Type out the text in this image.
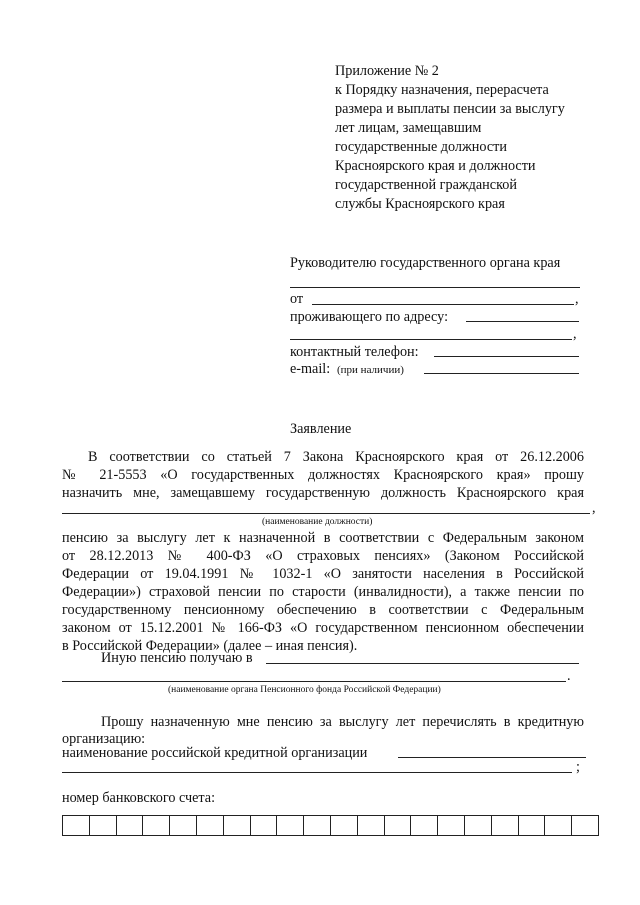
Приложение № 2
к Порядку назначения, перерасчета
размера и выплаты пенсии за выслугу
лет лицам, замещавшим
государственные должности
Красноярского края и должности
государственной гражданской
службы Красноярского края
Руководителю государственного органа края
от	,
проживающего по адресу:
,
контактный телефон:
e-mail: (при наличии)
Заявление
В соответствии со статьей 7 Закона Красноярского края от 26.12.2006
№ 21-5553 «О государственных должностях Красноярского края» прошу
назначить мне, замещавшему государственную должность Красноярского края
,
(наименование должности)
пенсию за выслугу лет к назначенной в соответствии с Федеральным законом
от 28.12.2013 № 400-ФЗ «О страховых пенсиях» (Законом Российской
Федерации от 19.04.1991 № 1032-1 «О занятости населения в Российской
Федерации») страховой пенсии по старости (инвалидности), а также пенсии по
государственному пенсионному обеспечению в соответствии с Федеральным
законом от 15.12.2001 № 166-ФЗ «О государственном пенсионном обеспечении
в Российской Федерации» (далее – иная пенсия).
Иную пенсию получаю в
.
(наименование органа Пенсионного фонда Российской Федерации)
Прошу назначенную мне пенсию за выслугу лет перечислять в кредитную
организацию:
наименование российской кредитной организации
;
номер банковского счета:
